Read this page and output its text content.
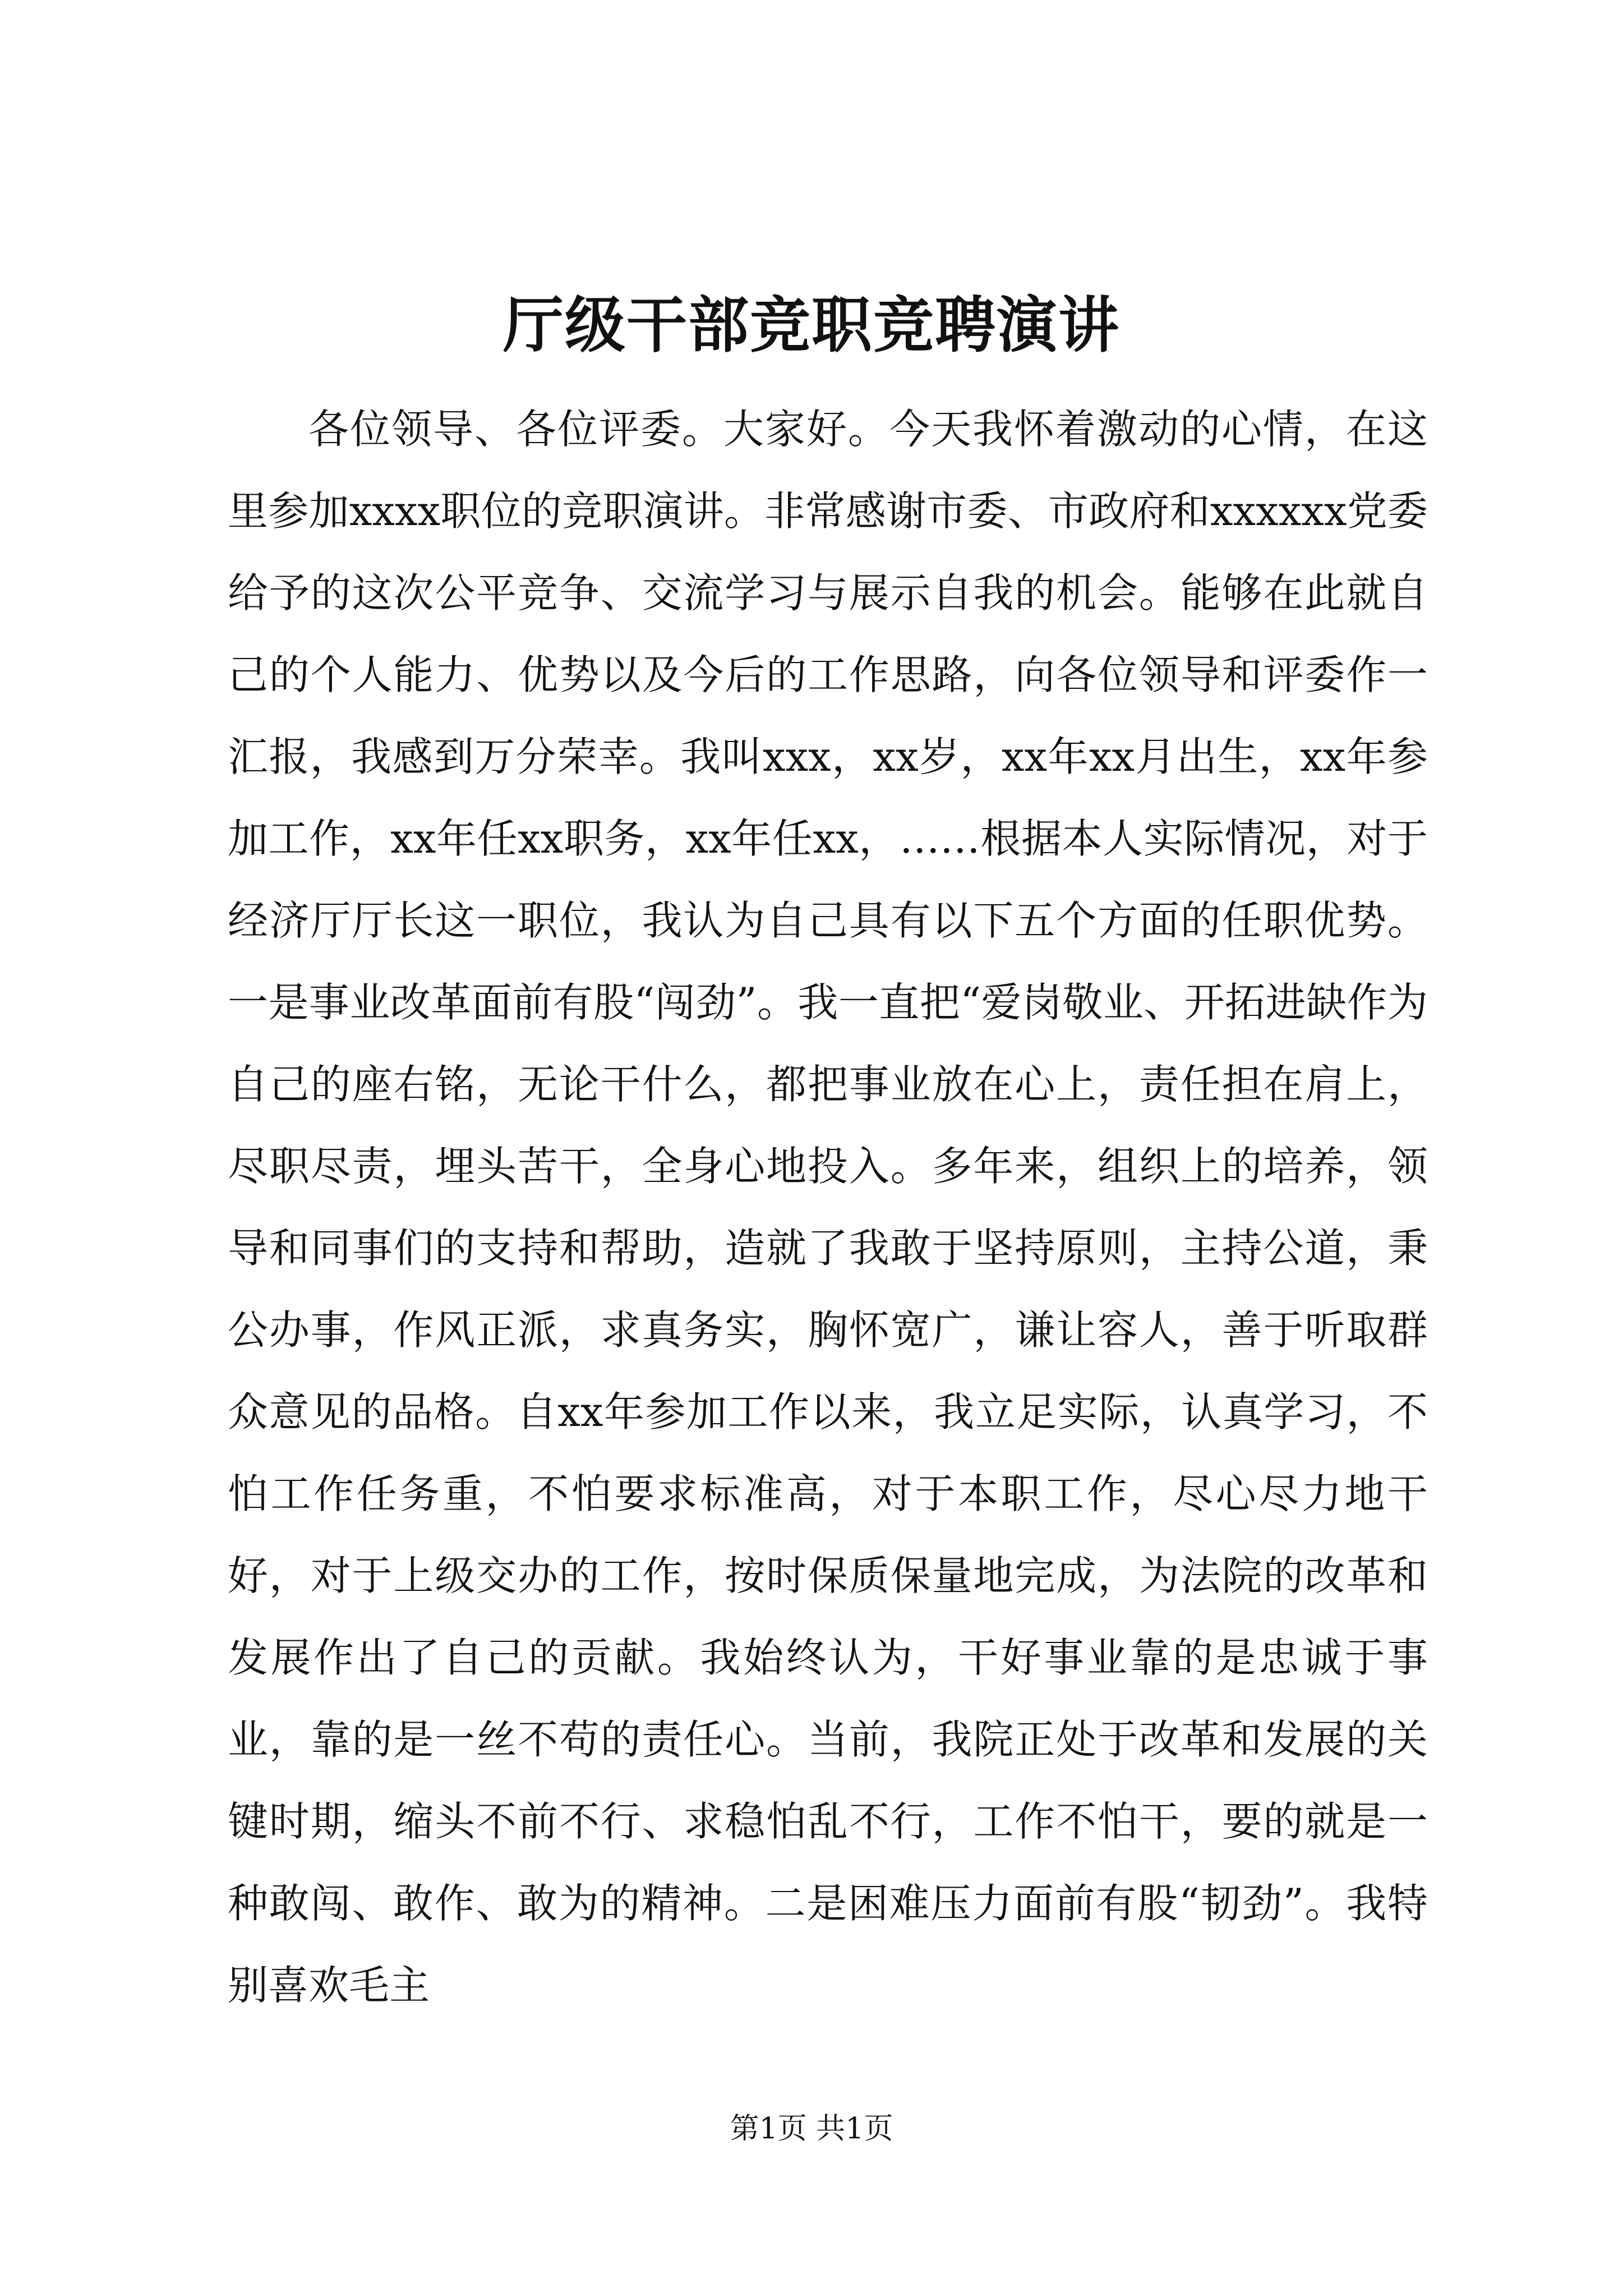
厅级干部竞职竞聘演讲

各位领导、各位评委。大家好。今天我怀着激动的心情，在这里参加xxxx职位的竞职演讲。非常感谢市委、市政府和xxxxxx党委给予的这次公平竞争、交流学习与展示自我的机会。能够在此就自己的个人能力、优势以及今后的工作思路，向各位领导和评委作一汇报，我感到万分荣幸。我叫xxx，xx岁，xx年xx月出生，xx年参加工作，xx年任xx职务，xx年任xx，……根据本人实际情况，对于经济厅厅长这一职位，我认为自己具有以下五个方面的任职优势。一是事业改革面前有股“闯劲”。我一直把“爱岗敬业、开拓进缺作为自己的座右铭，无论干什么，都把事业放在心上，责任担在肩上，尽职尽责，埋头苦干，全身心地投入。多年来，组织上的培养，领导和同事们的支持和帮助，造就了我敢于坚持原则，主持公道，秉公办事，作风正派，求真务实，胸怀宽广，谦让容人，善于听取群众意见的品格。自xx年参加工作以来，我立足实际，认真学习，不怕工作任务重，不怕要求标准高，对于本职工作，尽心尽力地干好，对于上级交办的工作，按时保质保量地完成，为法院的改革和发展作出了自己的贡献。我始终认为，干好事业靠的是忠诚于事业，靠的是一丝不苟的责任心。当前，我院正处于改革和发展的关键时期，缩头不前不行、求稳怕乱不行，工作不怕干，要的就是一种敢闯、敢作、敢为的精神。二是困难压力面前有股“韧劲”。我特别喜欢毛主

第1页 共1页
